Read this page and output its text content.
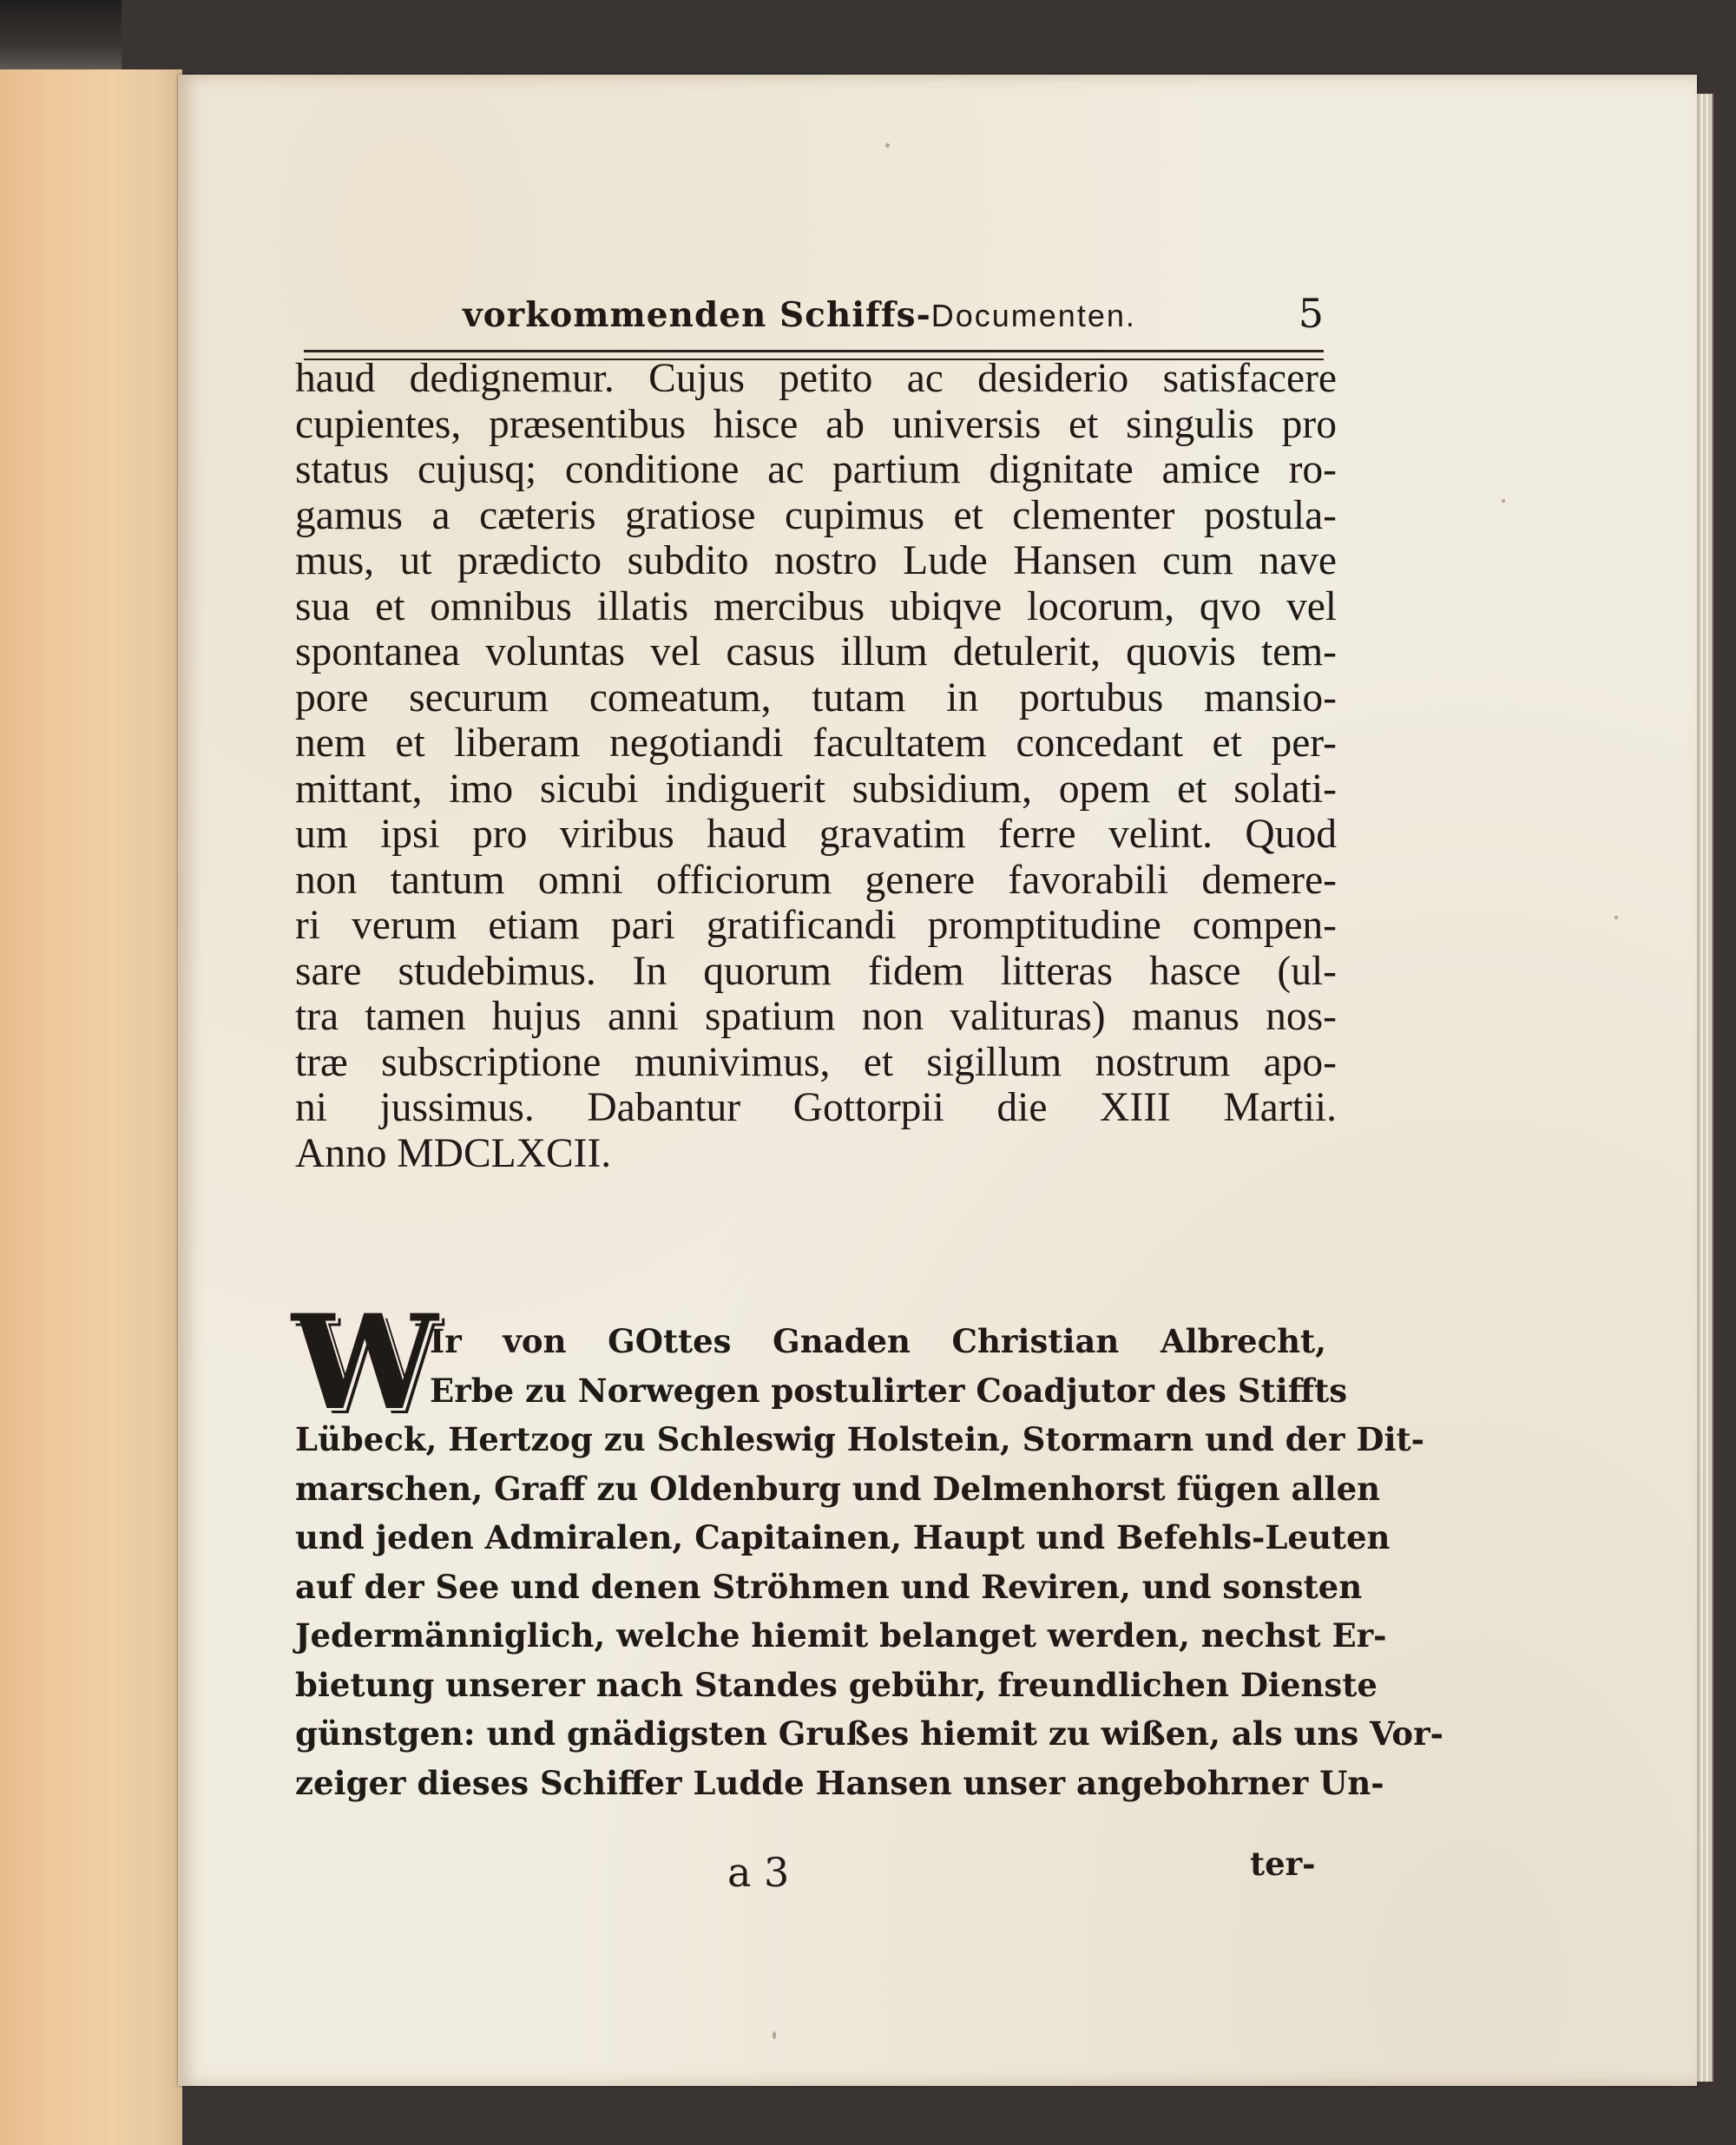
vorkommenden Schiffs-Documenten.	5
haud dedignemur. Cujus petito ac desiderio satisfacere
cupientes, præsentibus hisce ab universis et singulis pro
status cujusq; conditione ac partium dignitate amice ro-
gamus a cæteris gratiose cupimus et clementer postula-
mus, ut prædicto subdito nostro Lude Hansen cum nave
sua et omnibus illatis mercibus ubiqve locorum, qvo vel
spontanea voluntas vel casus illum detulerit, quovis tem-
pore securum comeatum, tutam in portubus mansio-
nem et liberam negotiandi facultatem concedant et per-
mittant, imo sicubi indiguerit subsidium, opem et solati-
um ipsi pro viribus haud gravatim ferre velint. Quod
non tantum omni officiorum genere favorabili demere-
ri verum etiam pari gratificandi promptitudine compen-
sare studebimus. In quorum fidem litteras hasce (ul-
tra tamen hujus anni spatium non valituras) manus nos-
træ subscriptione munivimus, et sigillum nostrum apo-
ni jussimus. Dabantur Gottorpii die XIII Martii.
Anno MDCLXCII.
W Ir von GOttes Gnaden Christian Albrecht,
Erbe zu Norwegen postulirter Coadjutor des Stiffts
Lübeck, Hertzog zu Schleswig Holstein, Stormarn und der Dit-
marschen, Graff zu Oldenburg und Delmenhorst fügen allen
und jeden Admiralen, Capitainen, Haupt und Befehls-Leuten
auf der See und denen Ströhmen und Reviren, und sonsten
Jedermänniglich, welche hiemit belanget werden, nechst Er-
bietung unserer nach Standes gebühr, freundlichen Dienste
günstgen: und gnädigsten Grußes hiemit zu wißen, als uns Vor-
zeiger dieses Schiffer Ludde Hansen unser angebohrner Un-
a 3	ter-
